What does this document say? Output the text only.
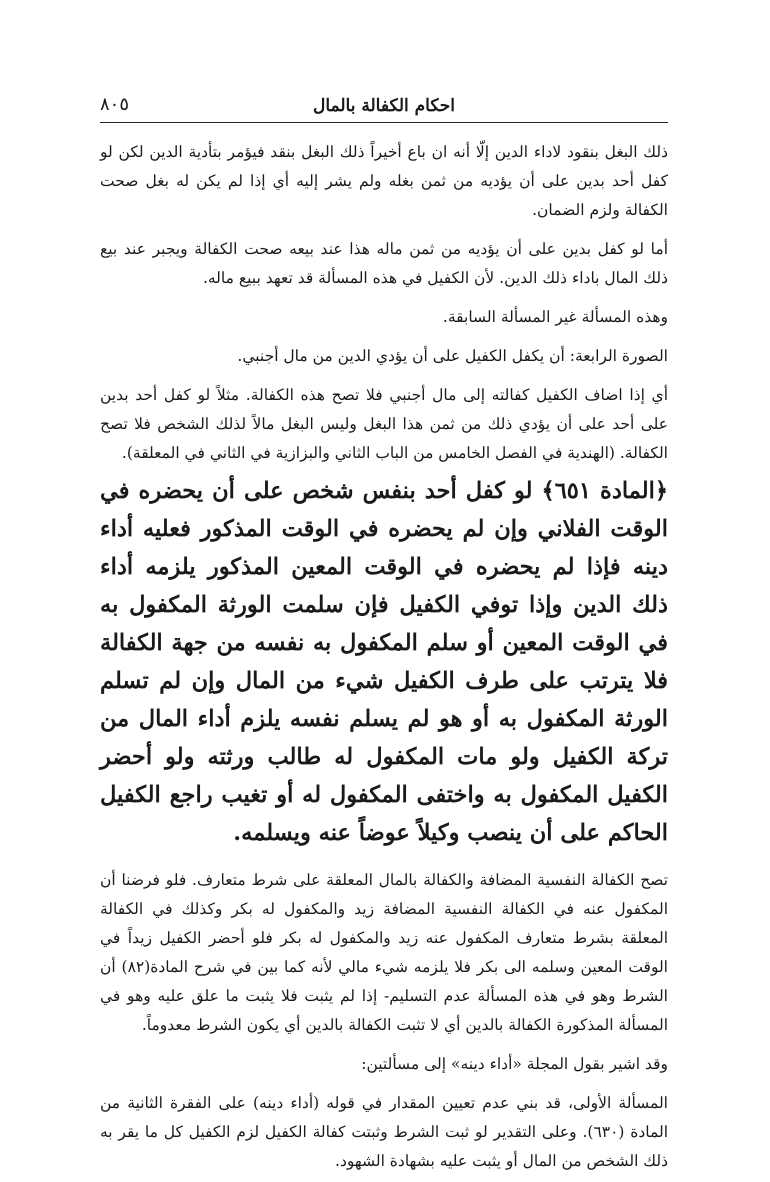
احكام الكفالة بالمال
٨٠٥

ذلك البغل بنقود لاداء الدين إلّا أنه ان باع أخيراً ذلك البغل بنقد فيؤمر بتأدية الدين لكن لو كفل أحد بدين على أن يؤديه من ثمن بغله ولم يشر إليه أي إذا لم يكن له بغل صحت الكفالة ولزم الضمان.

أما لو كفل بدين على أن يؤديه من ثمن ماله هذا عند بيعه صحت الكفالة ويجبر عند بيع ذلك المال باداء ذلك الدين. لأن الكفيل في هذه المسألة قد تعهد ببيع ماله.

وهذه المسألة غير المسألة السابقة.

الصورة الرابعة: أن يكفل الكفيل على أن يؤدي الدين من مال أجنبي.

أي إذا اضاف الكفيل كفالته إلى مال أجنبي فلا تصح هذه الكفالة. مثلاً لو كفل أحد بدين على أحد على أن يؤدي ذلك من ثمن هذا البغل وليس البغل مالاً لذلك الشخص فلا تصح الكفالة. (الهندية في الفصل الخامس من الباب الثاني والبزازية في الثاني في المعلقة).

﴿المادة ٦٥١﴾ لو كفل أحد بنفس شخص على أن يحضره في الوقت الفلاني وإن لم يحضره في الوقت المذكور فعليه أداء دينه فإذا لم يحضره في الوقت المعين المذكور يلزمه أداء ذلك الدين وإذا توفي الكفيل فإن سلمت الورثة المكفول به في الوقت المعين أو سلم المكفول به نفسه من جهة الكفالة فلا يترتب على طرف الكفيل شيء من المال وإن لم تسلم الورثة المكفول به أو هو لم يسلم نفسه يلزم أداء المال من تركة الكفيل ولو مات المكفول له طالب ورثته ولو أحضر الكفيل المكفول به واختفى المكفول له أو تغيب راجع الكفيل الحاكم على أن ينصب وكيلاً عوضاً عنه ويسلمه.

تصح الكفالة النفسية المضافة والكفالة بالمال المعلقة على شرط متعارف. فلو فرضنا أن المكفول عنه في الكفالة النفسية المضافة زيد والمكفول له بكر وكذلك في الكفالة المعلقة بشرط متعارف المكفول عنه زيد والمكفول له بكر فلو أحضر الكفيل زيداً في الوقت المعين وسلمه الى بكر فلا يلزمه شيء مالي لأنه كما بين في شرح المادة(٨٢) أن الشرط وهو في هذه المسألة عدم التسليم- إذا لم يثبت فلا يثبت ما علق عليه وهو في المسألة المذكورة الكفالة بالدين أي لا تثبت الكفالة بالدين أي يكون الشرط معدوماً.

وقد اشير بقول المجلة «أداء دينه» إلى مسألتين:

المسألة الأولى، قد بني عدم تعيين المقدار في قوله (أداء دينه) على الفقرة الثانية من المادة (٦٣٠). وعلى التقدير لو ثبت الشرط وثبتت كفالة الكفيل لزم الكفيل كل ما يقر به ذلك الشخص من المال أو يثبت عليه بشهادة الشهود.
